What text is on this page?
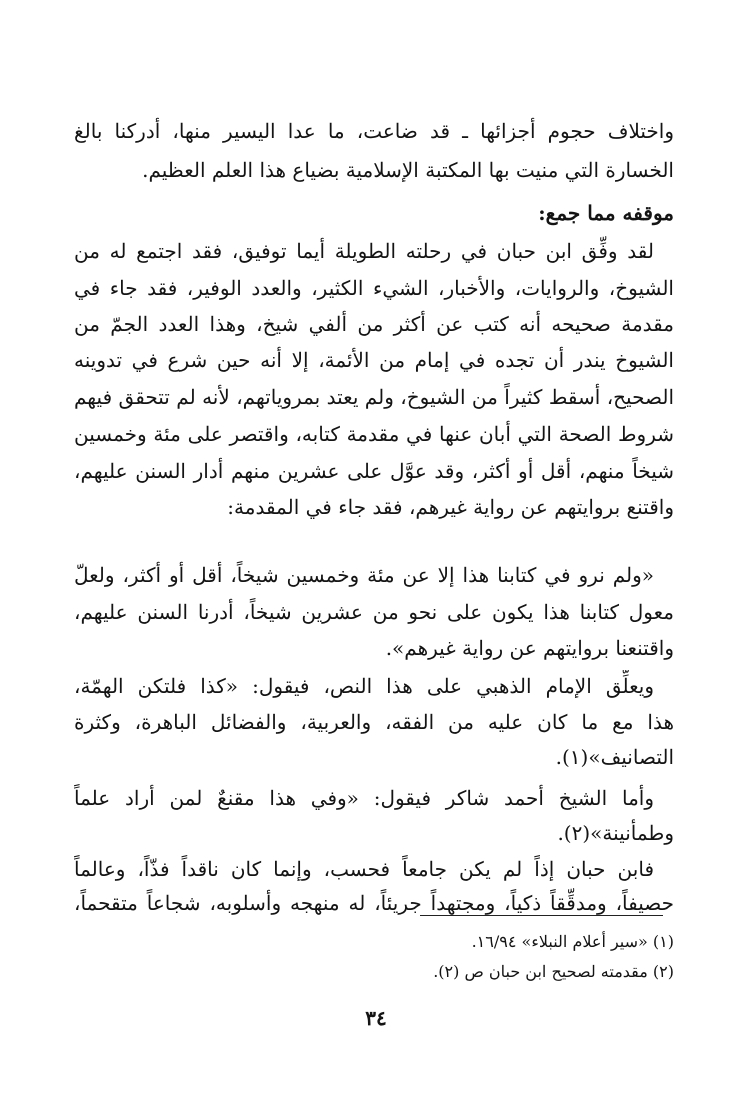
واختلاف حجوم أجزائها ـ قد ضاعت، ما عدا اليسير منها، أدركنا بالغ
الخسارة التي منيت بها المكتبة الإسلامية بضياع هذا العلم العظيم.
موقفه مما جمع:
لقد وفِّق ابن حبان في رحلته الطويلة أيما توفيق، فقد اجتمع له من
الشيوخ، والروايات، والأخبار، الشيء الكثير، والعدد الوفير، فقد جاء في
مقدمة صحيحه أنه كتب عن أكثر من ألفي شيخ، وهذا العدد الجمّ من
الشيوخ يندر أن تجده في إمام من الأئمة، إلا أنه حين شرع في تدوينه
الصحيح، أسقط كثيراً من الشيوخ، ولم يعتد بمروياتهم، لأنه لم تتحقق فيهم
شروط الصحة التي أبان عنها في مقدمة كتابه، واقتصر على مئة وخمسين
شيخاً منهم، أقل أو أكثر، وقد عوَّل على عشرين منهم أدار السنن عليهم،
واقتنع بروايتهم عن رواية غيرهم، فقد جاء في المقدمة:
«ولم نرو في كتابنا هذا إلا عن مئة وخمسين شيخاً، أقل أو أكثر، ولعلّ
معول كتابنا هذا يكون على نحو من عشرين شيخاً، أدرنا السنن عليهم،
واقتنعنا بروايتهم عن رواية غيرهم».
ويعلِّق الإمام الذهبي على هذا النص، فيقول: «كذا فلتكن الهمّة،
هذا مع ما كان عليه من الفقه، والعربية، والفضائل الباهرة، وكثرة
التصانيف»(١).
وأما الشيخ أحمد شاكر فيقول: «وفي هذا مقنعٌ لمن أراد علماً
وطمأنينة»(٢).
فابن حبان إذاً لم يكن جامعاً فحسب، وإنما كان ناقداً فذّاً، وعالماً
حصيفاً، ومدقِّقاً ذكياً، ومجتهداً جريئاً، له منهجه وأسلوبه، شجاعاً متقحماً،
(١) «سير أعلام النبلاء» ١٦/٩٤.
(٢) مقدمته لصحيح ابن حبان ص (٢).
٣٤
